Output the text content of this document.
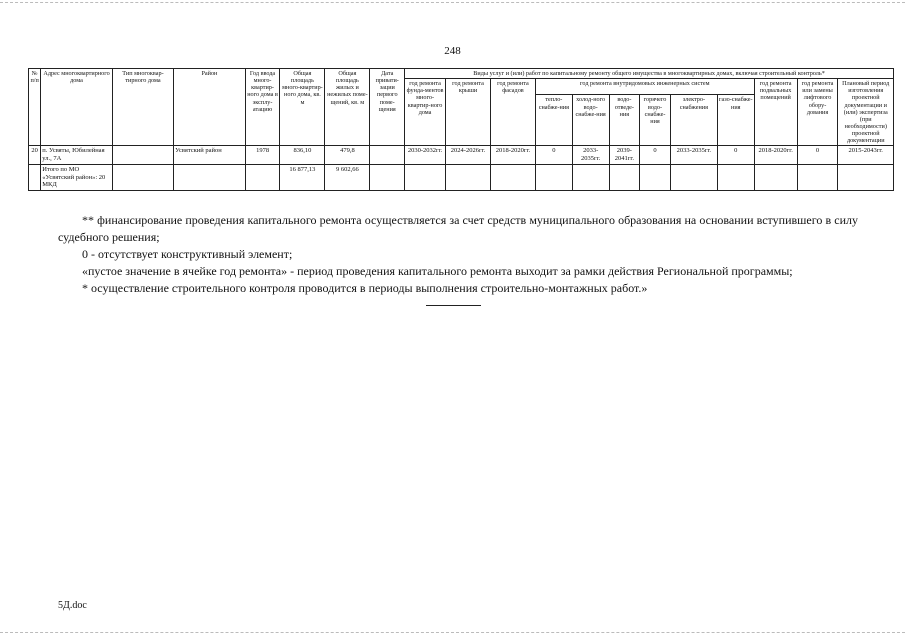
248
№ п/п	Адрес многоквартирного дома	Тип многоквар-тирного дома	Район	Год ввода много-квартир-ного дома в эксплу-атацию	Общая площадь много-квартир-ного дома, кв. м	Общая площадь жилых и нежилых поме-щений, кв. м	Дата привати-зации первого поме-щения	Виды услуг и (или) работ по капитальному ремонту общего имущества в многоквартирных домах, включая строительный контроль*											
								год ремонта фунда-ментов много-квартир-ного дома	год ремонта крыши	год ремонта фасадов	год ремонта внутридомовых инженерных систем						год ремонта подвальных помещений	год ремонта или замены лифтового обору-дования	Плановый период изготовления проектной документации и (или) экспертиза (при необходимости) проектной документации
											тепло-снабже-ния	холод-ного водо-снабже-ния	водо-отведе-ния	горячего водо-снабже-ния	электро-снабжения	газо-снабже-ния			
20	п. Усвяты, Юбилейная ул., 7А		Усвятский район	1978	836,10	479,8		2030-2032гг.	2024-2026гг.	2018-2020гг.	0	2033-2035гг.	2039-2041гг.	0	2033-2035гг.	0	2018-2020гг.	0	2015-2043гг.
	Итого по МО «Усвятский район»: 20 МКД				16 877,13	9 602,66													

** финансирование проведения капитального ремонта осуществляется за счет средств муниципального образования на основании вступившего в силу судебного решения;

0 - отсутствует конструктивный элемент;

«пустое значение в ячейке год ремонта» - период проведения капитального ремонта выходит за рамки действия Региональной программы;

* осуществление строительного контроля проводится в периоды выполнения строительно-монтажных работ.»

5Д.doc
